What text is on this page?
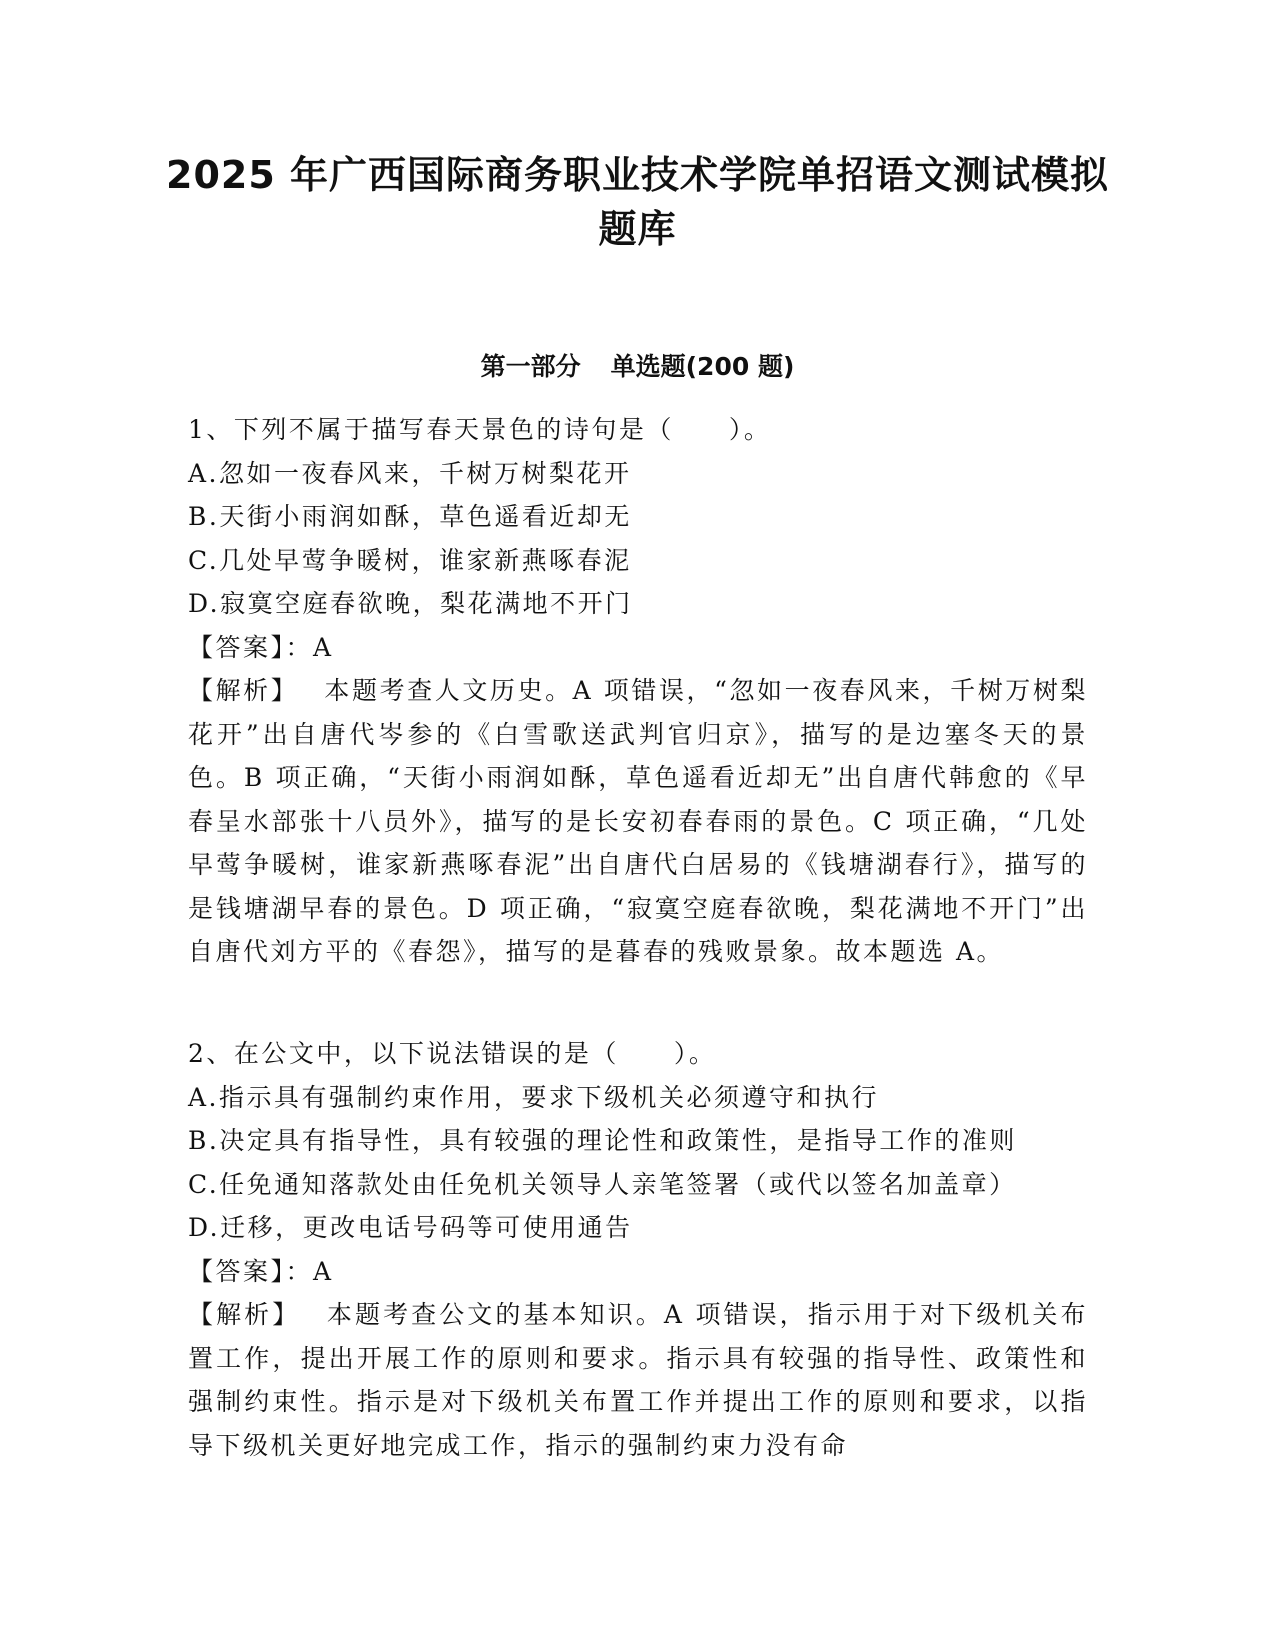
2025 年广西国际商务职业技术学院单招语文测试模拟
题库
第一部分 单选题(200 题)

1、下列不属于描写春天景色的诗句是（　　）。

A.忽如一夜春风来，千树万树梨花开

B.天街小雨润如酥，草色遥看近却无

C.几处早莺争暖树，谁家新燕啄春泥

D.寂寞空庭春欲晚，梨花满地不开门

【答案】：A

【解析】 本题考查人文历史。A 项错误，“忽如一夜春风来，千树万树梨花开”出自唐代岑参的《白雪歌送武判官归京》，描写的是边塞冬天的景色。B 项正确，“天街小雨润如酥，草色遥看近却无”出自唐代韩愈的《早春呈水部张十八员外》，描写的是长安初春春雨的景色。C 项正确，“几处早莺争暖树，谁家新燕啄春泥”出自唐代白居易的《钱塘湖春行》，描写的是钱塘湖早春的景色。D 项正确，“寂寞空庭春欲晚，梨花满地不开门”出自唐代刘方平的《春怨》，描写的是暮春的残败景象。故本题选 A。

2、在公文中，以下说法错误的是（　　）。

A.指示具有强制约束作用，要求下级机关必须遵守和执行

B.决定具有指导性，具有较强的理论性和政策性，是指导工作的准则

C.任免通知落款处由任免机关领导人亲笔签署（或代以签名加盖章）

D.迁移，更改电话号码等可使用通告

【答案】：A

【解析】 本题考查公文的基本知识。A 项错误，指示用于对下级机关布置工作，提出开展工作的原则和要求。指示具有较强的指导性、政策性和强制约束性。指示是对下级机关布置工作并提出工作的原则和要求，以指导下级机关更好地完成工作，指示的强制约束力没有命
